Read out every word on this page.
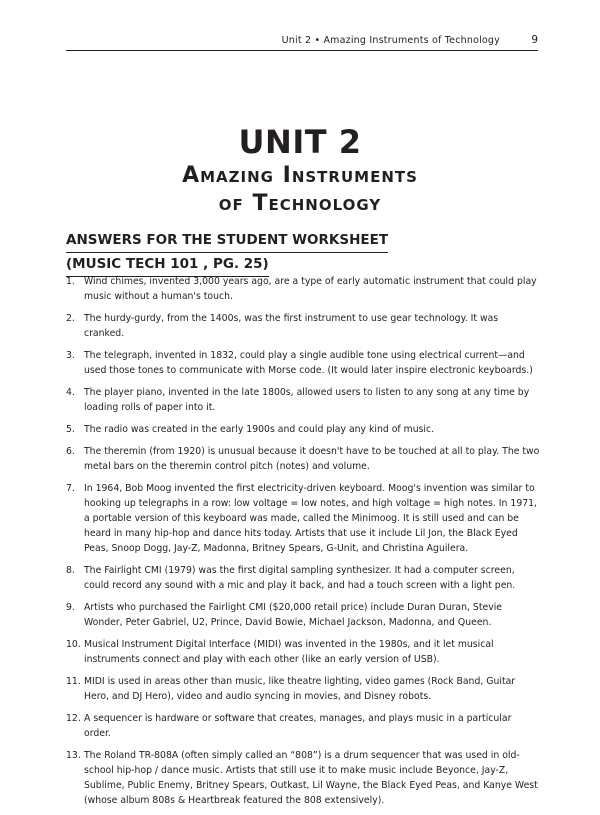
Unit 2 • Amazing Instruments of Technology	9
UNIT 2
Amazing Instruments
of Technology
ANSWERS FOR THE STUDENT WORKSHEET
(MUSIC TECH 101 , PG. 25)
1. Wind chimes, invented 3,000 years ago, are a type of early automatic instrument that could play music without a human's touch.
2. The hurdy-gurdy, from the 1400s, was the first instrument to use gear technology. It was cranked.
3. The telegraph, invented in 1832, could play a single audible tone using electrical current—and used those tones to communicate with Morse code. (It would later inspire electronic keyboards.)
4. The player piano, invented in the late 1800s, allowed users to listen to any song at any time by loading rolls of paper into it.
5. The radio was created in the early 1900s and could play any kind of music.
6. The theremin (from 1920) is unusual because it doesn't have to be touched at all to play. The two metal bars on the theremin control pitch (notes) and volume.
7. In 1964, Bob Moog invented the first electricity-driven keyboard. Moog's invention was similar to hooking up telegraphs in a row: low voltage = low notes, and high voltage = high notes. In 1971, a portable version of this keyboard was made, called the Minimoog. It is still used and can be heard in many hip-hop and dance hits today. Artists that use it include Lil Jon, the Black Eyed Peas, Snoop Dogg, Jay-Z, Madonna, Britney Spears, G-Unit, and Christina Aguilera.
8. The Fairlight CMI (1979) was the first digital sampling synthesizer. It had a computer screen, could record any sound with a mic and play it back, and had a touch screen with a light pen.
9. Artists who purchased the Fairlight CMI ($20,000 retail price) include Duran Duran, Stevie Wonder, Peter Gabriel, U2, Prince, David Bowie, Michael Jackson, Madonna, and Queen.
10. Musical Instrument Digital Interface (MIDI) was invented in the 1980s, and it let musical instruments connect and play with each other (like an early version of USB).
11. MIDI is used in areas other than music, like theatre lighting, video games (Rock Band, Guitar Hero, and DJ Hero), video and audio syncing in movies, and Disney robots.
12. A sequencer is hardware or software that creates, manages, and plays music in a particular order.
13. The Roland TR-808A (often simply called an “808”) is a drum sequencer that was used in old-school hip-hop / dance music. Artists that still use it to make music include Beyonce, Jay-Z, Sublime, Public Enemy, Britney Spears, Outkast, Lil Wayne, the Black Eyed Peas, and Kanye West (whose album 808s & Heartbreak featured the 808 extensively).
